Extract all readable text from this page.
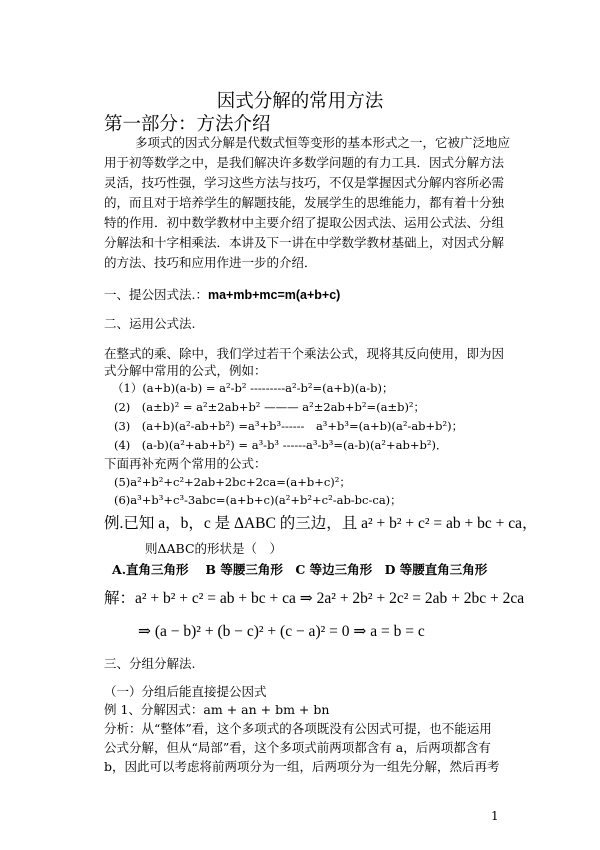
因式分解的常用方法
第一部分：方法介绍
多项式的因式分解是代数式恒等变形的基本形式之一，它被广泛地应
用于初等数学之中，是我们解决许多数学问题的有力工具．因式分解方法
灵活，技巧性强，学习这些方法与技巧，不仅是掌握因式分解内容所必需
的，而且对于培养学生的解题技能，发展学生的思维能力，都有着十分独
特的作用．初中数学教材中主要介绍了提取公因式法、运用公式法、分组
分解法和十字相乘法．本讲及下一讲在中学数学教材基础上，对因式分解
的方法、技巧和应用作进一步的介绍．
一、提公因式法.：ma+mb+mc=m(a+b+c)
二、运用公式法.
在整式的乘、除中，我们学过若干个乘法公式，现将其反向使用，即为因
式分解中常用的公式，例如：
（1）(a+b)(a-b) = a²-b² ---------a²-b²=(a+b)(a-b)；
(2)　(a±b)² = a²±2ab+b² ——— a²±2ab+b²=(a±b)²；
(3)　(a+b)(a²-ab+b²) =a³+b³------　a³+b³=(a+b)(a²-ab+b²)；
(4)　(a-b)(a²+ab+b²) = a³-b³ ------a³-b³=(a-b)(a²+ab+b²)．
下面再补充两个常用的公式：
(5)a²+b²+c²+2ab+2bc+2ca=(a+b+c)²；
(6)a³+b³+c³-3abc=(a+b+c)(a²+b²+c²-ab-bc-ca)；
例.已知 a，b，c 是 ΔABC 的三边，且 a² + b² + c² = ab + bc + ca，
则ΔABC的形状是（　）
A.直角三角形　 B 等腰三角形　C 等边三角形　D 等腰直角三角形
解：a² + b² + c² = ab + bc + ca ⇒ 2a² + 2b² + 2c² = 2ab + 2bc + 2ca
⇒ (a − b)² + (b − c)² + (c − a)² = 0 ⇒ a = b = c
三、分组分解法.
（一）分组后能直接提公因式
例 1、分解因式：am + an + bm + bn
分析：从“整体”看，这个多项式的各项既没有公因式可提，也不能运用
公式分解，但从“局部”看，这个多项式前两项都含有 a，后两项都含有
b，因此可以考虑将前两项分为一组，后两项分为一组先分解，然后再考
1
